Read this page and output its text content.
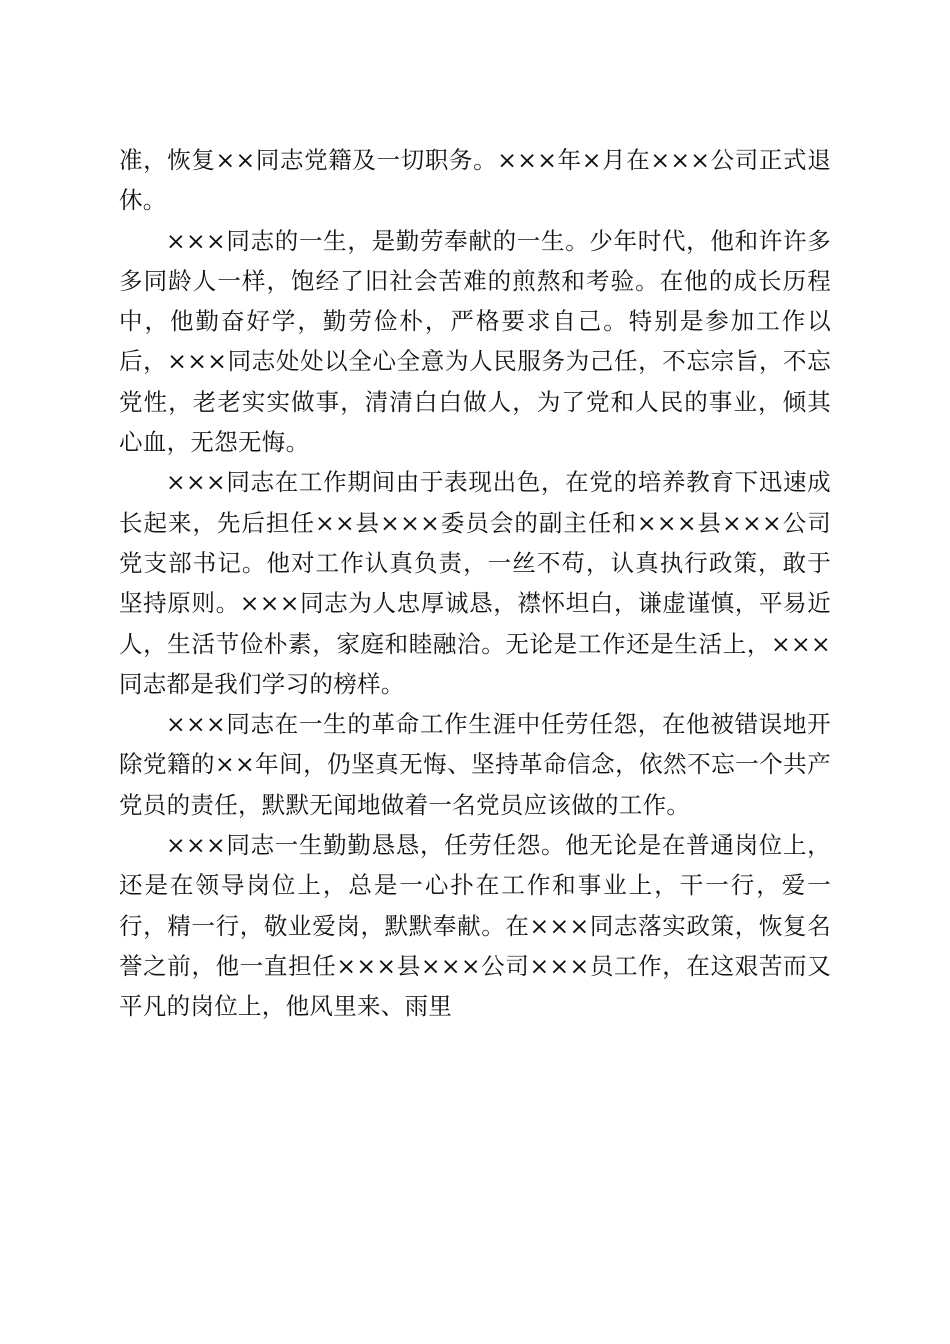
准，恢复××同志党籍及一切职务。×××年×月在×××公司正式退休。

×××同志的一生，是勤劳奉献的一生。少年时代，他和许许多多同龄人一样，饱经了旧社会苦难的煎熬和考验。在他的成长历程中，他勤奋好学，勤劳俭朴，严格要求自己。特别是参加工作以后，×××同志处处以全心全意为人民服务为己任，不忘宗旨，不忘党性，老老实实做事，清清白白做人，为了党和人民的事业，倾其心血，无怨无悔。

×××同志在工作期间由于表现出色，在党的培养教育下迅速成长起来，先后担任××县×××委员会的副主任和×××县×××公司党支部书记。他对工作认真负责，一丝不苟，认真执行政策，敢于坚持原则。×××同志为人忠厚诚恳，襟怀坦白，谦虚谨慎，平易近人，生活节俭朴素，家庭和睦融洽。无论是工作还是生活上，×××同志都是我们学习的榜样。

×××同志在一生的革命工作生涯中任劳任怨，在他被错误地开除党籍的××年间，仍坚真无悔、坚持革命信念，依然不忘一个共产党员的责任，默默无闻地做着一名党员应该做的工作。

×××同志一生勤勤恳恳，任劳任怨。他无论是在普通岗位上，还是在领导岗位上，总是一心扑在工作和事业上，干一行，爱一行，精一行，敬业爱岗，默默奉献。在×××同志落实政策，恢复名誉之前，他一直担任×××县×××公司×××员工作，在这艰苦而又平凡的岗位上，他风里来、雨里
